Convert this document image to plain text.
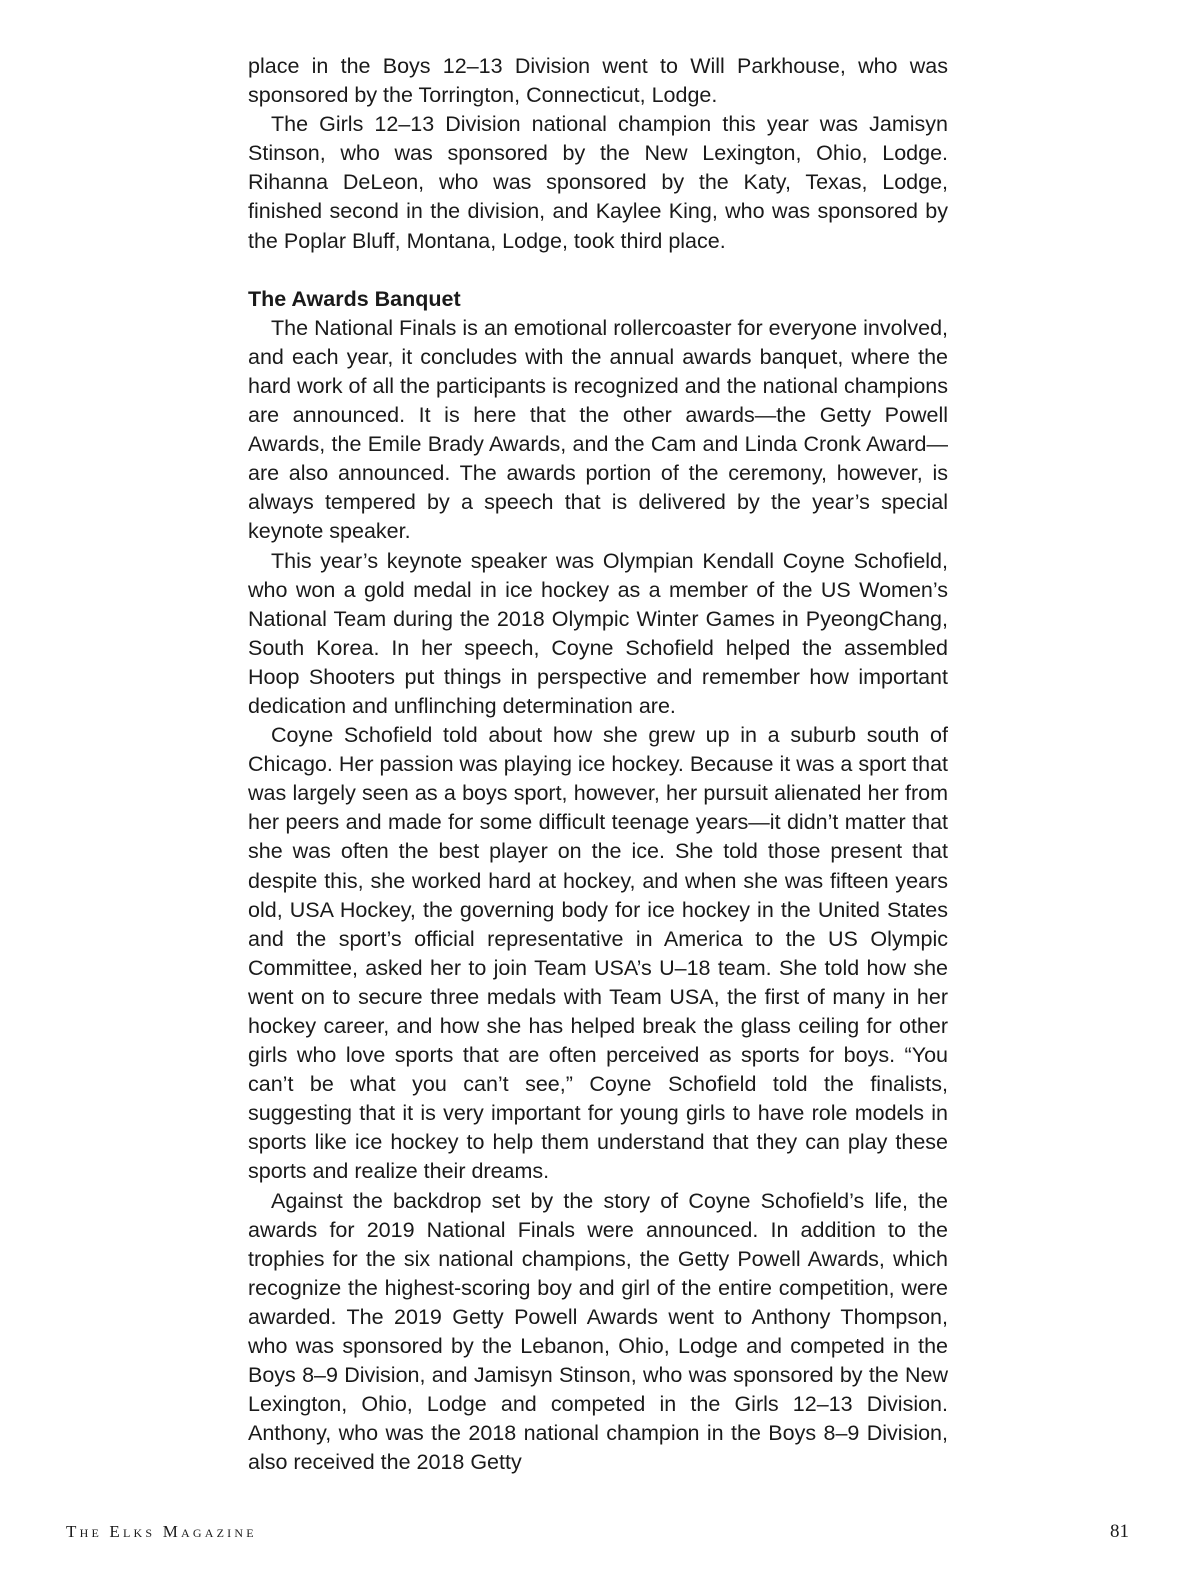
place in the Boys 12–13 Division went to Will Parkhouse, who was sponsored by the Torrington, Connecticut, Lodge.

The Girls 12–13 Division national champion this year was Jamisyn Stinson, who was sponsored by the New Lexington, Ohio, Lodge. Rihanna DeLeon, who was sponsored by the Katy, Texas, Lodge, finished second in the division, and Kaylee King, who was sponsored by the Poplar Bluff, Montana, Lodge, took third place.

The Awards Banquet

The National Finals is an emotional rollercoaster for everyone involved, and each year, it concludes with the annual awards banquet, where the hard work of all the participants is recognized and the national champions are announced. It is here that the other awards—the Getty Powell Awards, the Emile Brady Awards, and the Cam and Linda Cronk Award—are also announced. The awards portion of the ceremony, however, is always tempered by a speech that is delivered by the year’s special keynote speaker.

This year’s keynote speaker was Olympian Kendall Coyne Schofield, who won a gold medal in ice hockey as a member of the US Women’s National Team during the 2018 Olympic Winter Games in PyeongChang, South Korea. In her speech, Coyne Schofield helped the assembled Hoop Shooters put things in perspective and remember how important dedication and unflinching determination are.

Coyne Schofield told about how she grew up in a suburb south of Chicago. Her passion was playing ice hockey. Because it was a sport that was largely seen as a boys sport, however, her pursuit alienated her from her peers and made for some difficult teenage years—it didn’t matter that she was often the best player on the ice. She told those present that despite this, she worked hard at hockey, and when she was fifteen years old, USA Hockey, the governing body for ice hockey in the United States and the sport’s official representative in America to the US Olympic Committee, asked her to join Team USA’s U–18 team. She told how she went on to secure three medals with Team USA, the first of many in her hockey career, and how she has helped break the glass ceiling for other girls who love sports that are often perceived as sports for boys. “You can’t be what you can’t see,” Coyne Schofield told the finalists, suggesting that it is very important for young girls to have role models in sports like ice hockey to help them understand that they can play these sports and realize their dreams.

Against the backdrop set by the story of Coyne Schofield’s life, the awards for 2019 National Finals were announced. In addition to the trophies for the six national champions, the Getty Powell Awards, which recognize the highest-scoring boy and girl of the entire competition, were awarded. The 2019 Getty Powell Awards went to Anthony Thompson, who was sponsored by the Lebanon, Ohio, Lodge and competed in the Boys 8–9 Division, and Jamisyn Stinson, who was sponsored by the New Lexington, Ohio, Lodge and competed in the Girls 12–13 Division. Anthony, who was the 2018 national champion in the Boys 8–9 Division, also received the 2018 Getty

The Elks Magazine	81
